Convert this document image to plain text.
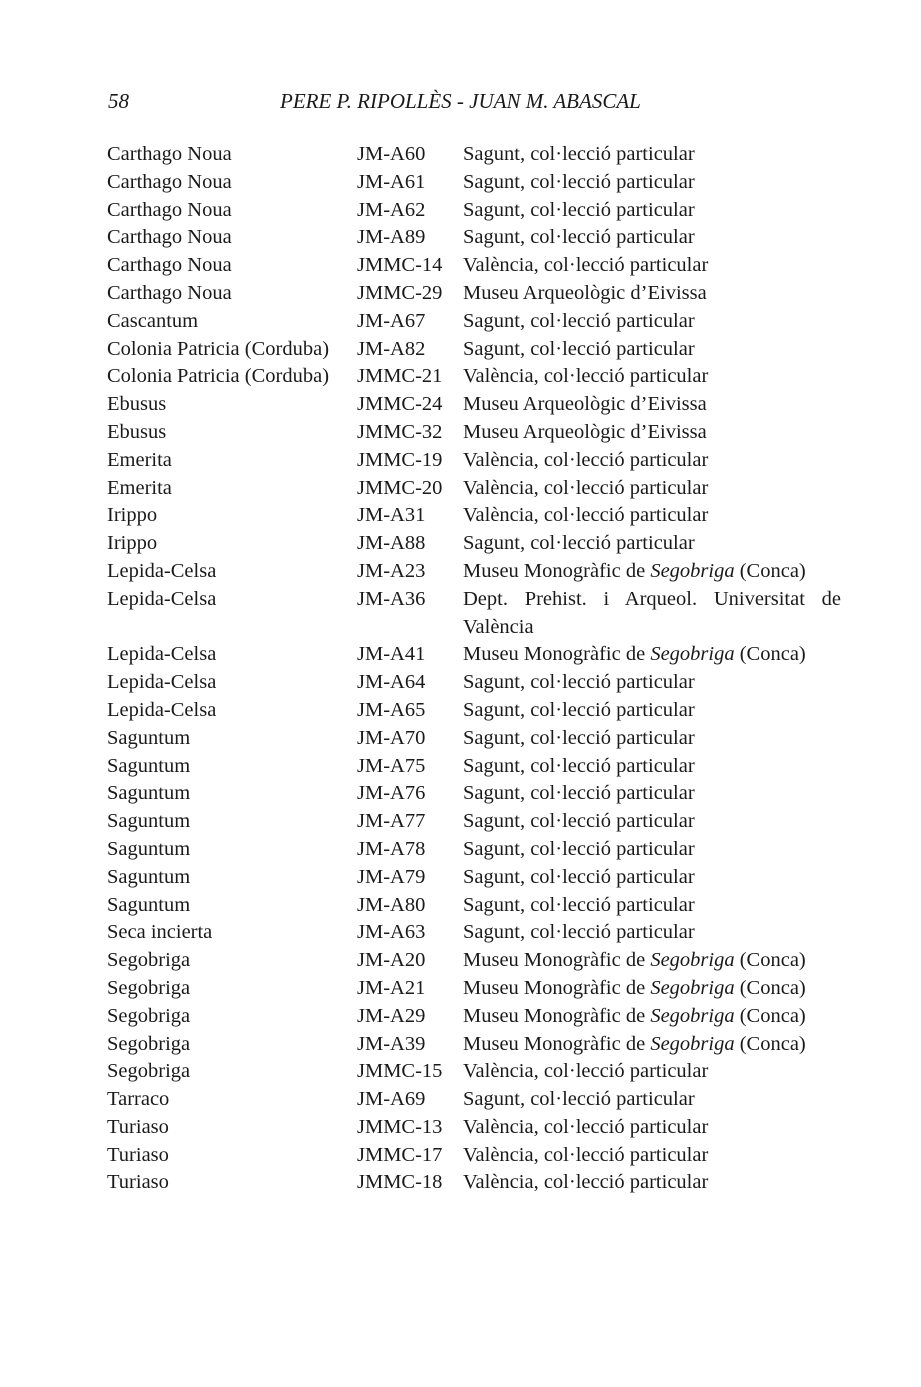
58	PERE P. RIPOLLÈS - JUAN M. ABASCAL
Carthago Noua	JM-A60 Sagunt, col·lecció particular
Carthago Noua	JM-A61 Sagunt, col·lecció particular
Carthago Noua	JM-A62 Sagunt, col·lecció particular
Carthago Noua	JM-A89 Sagunt, col·lecció particular
Carthago Noua	JMMC-14 València, col·lecció particular
Carthago Noua	JMMC-29 Museu Arqueològic d’Eivissa
Cascantum	JM-A67 Sagunt, col·lecció particular
Colonia Patricia (Corduba) JM-A82 Sagunt, col·lecció particular
Colonia Patricia (Corduba) JMMC-21 València, col·lecció particular
Ebusus	JMMC-24 Museu Arqueològic d’Eivissa
Ebusus	JMMC-32 Museu Arqueològic d’Eivissa
Emerita	JMMC-19 València, col·lecció particular
Emerita	JMMC-20 València, col·lecció particular
Irippo	JM-A31 València, col·lecció particular
Irippo	JM-A88 Sagunt, col·lecció particular
Lepida-Celsa	JM-A23 Museu Monogràfic de Segobriga (Conca)
Lepida-Celsa	JM-A36 Dept. Prehist. i Arqueol. Universitat de València
Lepida-Celsa	JM-A41 Museu Monogràfic de Segobriga (Conca)
Lepida-Celsa	JM-A64 Sagunt, col·lecció particular
Lepida-Celsa	JM-A65 Sagunt, col·lecció particular
Saguntum	JM-A70 Sagunt, col·lecció particular
Saguntum	JM-A75 Sagunt, col·lecció particular
Saguntum	JM-A76 Sagunt, col·lecció particular
Saguntum	JM-A77 Sagunt, col·lecció particular
Saguntum	JM-A78 Sagunt, col·lecció particular
Saguntum	JM-A79 Sagunt, col·lecció particular
Saguntum	JM-A80 Sagunt, col·lecció particular
Seca incierta	JM-A63 Sagunt, col·lecció particular
Segobriga	JM-A20 Museu Monogràfic de Segobriga (Conca)
Segobriga	JM-A21 Museu Monogràfic de Segobriga (Conca)
Segobriga	JM-A29 Museu Monogràfic de Segobriga (Conca)
Segobriga	JM-A39 Museu Monogràfic de Segobriga (Conca)
Segobriga	JMMC-15 València, col·lecció particular
Tarraco	JM-A69 Sagunt, col·lecció particular
Turiaso	JMMC-13 València, col·lecció particular
Turiaso	JMMC-17 València, col·lecció particular
Turiaso	JMMC-18 València, col·lecció particular
